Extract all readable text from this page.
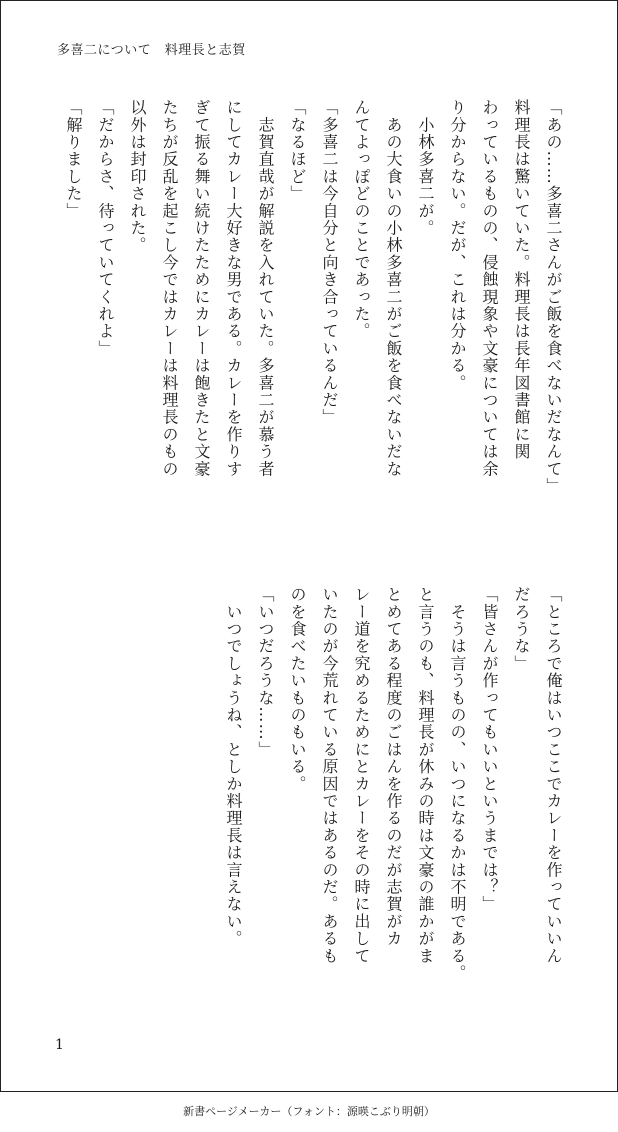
多喜二について　料理長と志賀
「あの……多喜二さんがご飯を食べないだなんて」
料理長は驚いていた。料理長は長年図書館に関
わっているものの、侵蝕現象や文豪については余
り分からない。だが、これは分かる。
　小林多喜二が。
　あの大食いの小林多喜二がご飯を食べないだな
んてよっぽどのことであった。
「多喜二は今自分と向き合っているんだ」
「なるほど」
　志賀直哉が解説を入れていた。多喜二が慕う者
にしてカレー大好きな男である。カレーを作りす
ぎて振る舞い続けたためにカレーは飽きたと文豪
たちが反乱を起こし今ではカレーは料理長のもの
以外は封印された。
「だからさ、待っていてくれよ」
「解りました」
「ところで俺はいつここでカレーを作っていいん
だろうな」
「皆さんが作ってもいいというまでは？」
　そうは言うものの、いつになるかは不明である。
と言うのも、料理長が休みの時は文豪の誰かがま
とめてある程度のごはんを作るのだが志賀がカ
レー道を究めるためにとカレーをその時に出して
いたのが今荒れている原因ではあるのだ。あるも
のを食べたいものもいる。
「いつだろうな……」
　いつでしょうね、としか料理長は言えない。
1
新書ページメーカー（フォント：源暎こぶり明朝）
